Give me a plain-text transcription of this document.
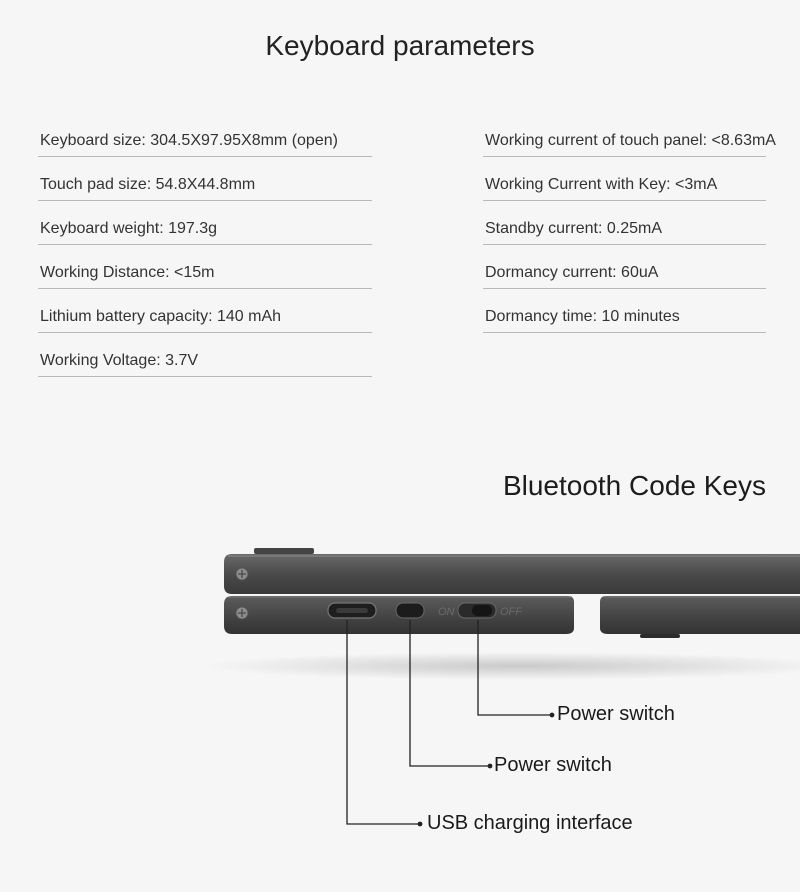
Keyboard parameters
Keyboard size: 304.5X97.95X8mm (open)
Touch pad size: 54.8X44.8mm
Keyboard weight: 197.3g
Working Distance: <15m
Lithium battery capacity: 140 mAh
Working Voltage: 3.7V
Working current of touch panel: <8.63mA
Working Current with Key: <3mA
Standby current: 0.25mA
Dormancy current: 60uA
Dormancy time: 10 minutes
Bluetooth Code Keys
ON	OFF
Power switch
Power switch
USB charging interface
